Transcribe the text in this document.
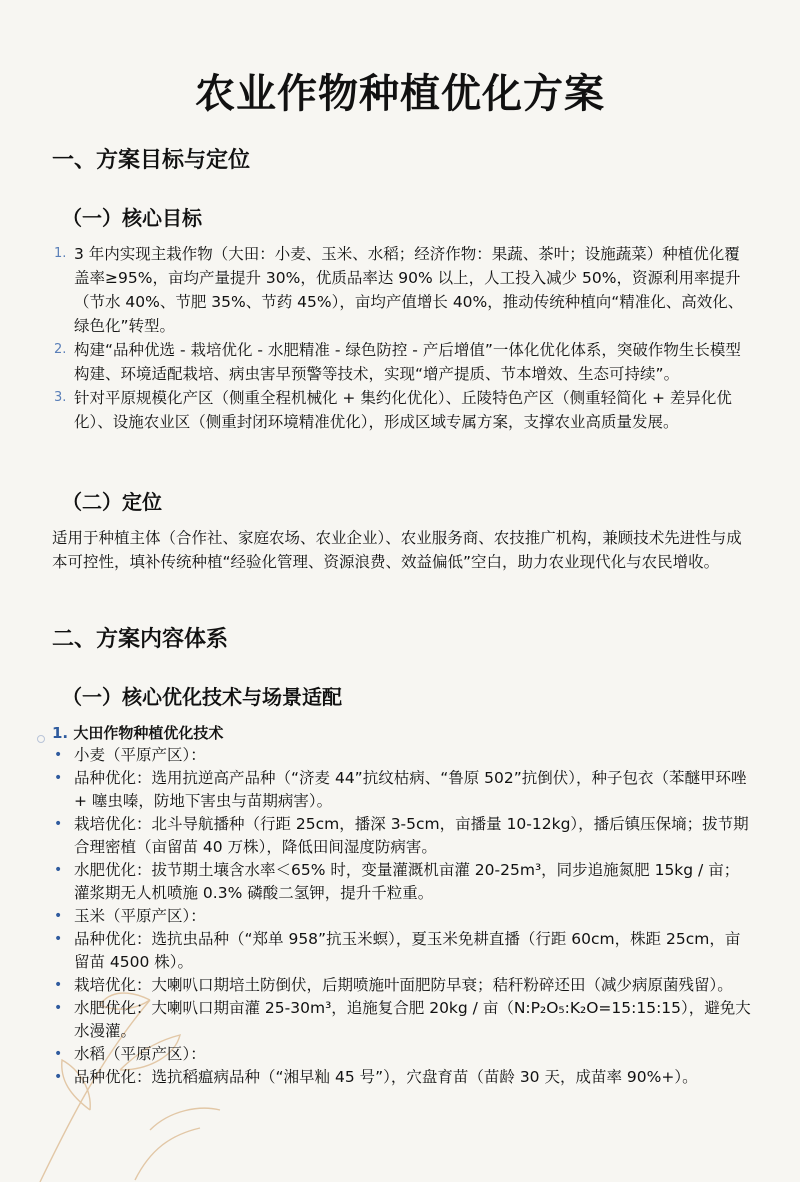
农业作物种植优化方案
一、方案目标与定位
（一）核心目标

1. 3 年内实现主栽作物（大田：小麦、玉米、水稻；经济作物：果蔬、茶叶；设施蔬菜）种植优化覆盖率≥95%，亩均产量提升 30%，优质品率达 90% 以上，人工投入减少 50%，资源利用率提升（节水 40%、节肥 35%、节药 45%），亩均产值增长 40%，推动传统种植向“精准化、高效化、绿色化”转型。

2. 构建“品种优选 - 栽培优化 - 水肥精准 - 绿色防控 - 产后增值”一体化优化体系，突破作物生长模型构建、环境适配栽培、病虫害早预警等技术，实现“增产提质、节本增效、生态可持续”。

3. 针对平原规模化产区（侧重全程机械化 + 集约化优化）、丘陵特色产区（侧重轻简化 + 差异化优化）、设施农业区（侧重封闭环境精准优化），形成区域专属方案，支撑农业高质量发展。

（二）定位
适用于种植主体（合作社、家庭农场、农业企业）、农业服务商、农技推广机构，兼顾技术先进性与成本可控性，填补传统种植“经验化管理、资源浪费、效益偏低”空白，助力农业现代化与农民增收。
二、方案内容体系
（一）核心优化技术与场景适配
1. 大田作物种植优化技术

• 小麦（平原产区）：

• 品种优化：选用抗逆高产品种（“济麦 44”抗纹枯病、“鲁原 502”抗倒伏），种子包衣（苯醚甲环唑 + 噻虫嗪，防地下害虫与苗期病害）。

• 栽培优化：北斗导航播种（行距 25cm，播深 3-5cm，亩播量 10-12kg），播后镇压保墒；拔节期合理密植（亩留苗 40 万株），降低田间湿度防病害。

• 水肥优化：拔节期土壤含水率＜65% 时，变量灌溉机亩灌 20-25m³，同步追施氮肥 15kg / 亩；灌浆期无人机喷施 0.3% 磷酸二氢钾，提升千粒重。

• 玉米（平原产区）：

• 品种优化：选抗虫品种（“郑单 958”抗玉米螟），夏玉米免耕直播（行距 60cm，株距 25cm，亩留苗 4500 株）。

• 栽培优化：大喇叭口期培土防倒伏，后期喷施叶面肥防早衰；秸秆粉碎还田（减少病原菌残留）。

• 水肥优化：大喇叭口期亩灌 25-30m³，追施复合肥 20kg / 亩（N:P₂O₅:K₂O=15:15:15），避免大水漫灌。

• 水稻（平原产区）：

• 品种优化：选抗稻瘟病品种（“湘早籼 45 号”），穴盘育苗（苗龄 30 天，成苗率 90%+）。
